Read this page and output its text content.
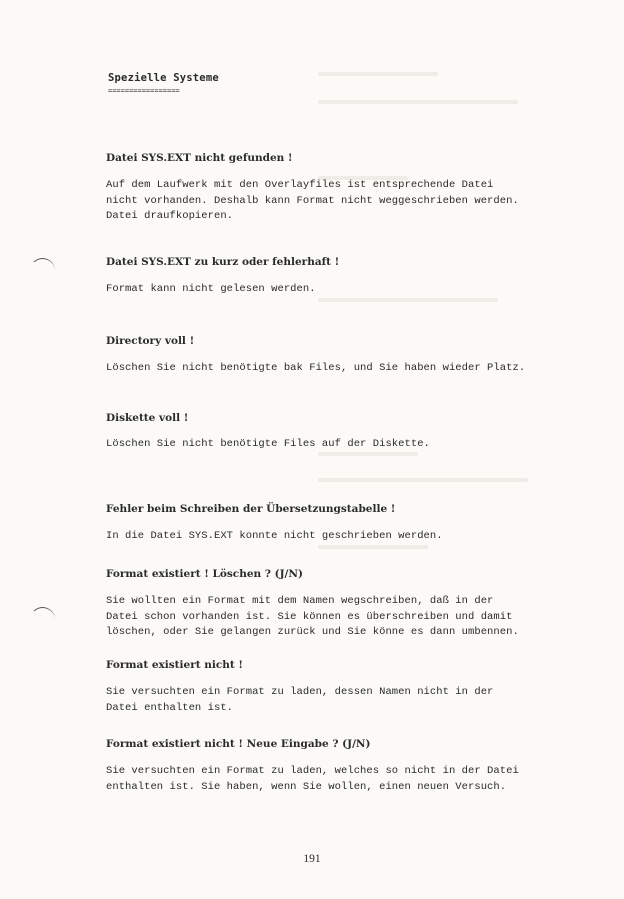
Spezielle Systeme
=================
Datei SYS.EXT nicht gefunden !
Auf dem Laufwerk mit den Overlayfiles ist entsprechende Datei
nicht vorhanden. Deshalb kann Format nicht weggeschrieben werden.
Datei draufkopieren.
Datei SYS.EXT zu kurz oder fehlerhaft !
Format kann nicht gelesen werden.
Directory voll !
Löschen Sie nicht benötigte bak Files, und Sie haben wieder Platz.
Diskette voll !
Löschen Sie nicht benötigte Files auf der Diskette.
Fehler beim Schreiben der Übersetzungstabelle !
In die Datei SYS.EXT konnte nicht geschrieben werden.
Format existiert ! Löschen ? (J/N)
Sie wollten ein Format mit dem Namen wegschreiben, daß in der
Datei schon vorhanden ist. Sie können es überschreiben und damit
löschen, oder Sie gelangen zurück und Sie könne es dann umbennen.
Format existiert nicht !
Sie versuchten ein Format zu laden, dessen Namen nicht in der
Datei enthalten ist.
Format existiert nicht ! Neue Eingabe ? (J/N)
Sie versuchten ein Format zu laden, welches so nicht in der Datei
enthalten ist. Sie haben, wenn Sie wollen, einen neuen Versuch.
191
